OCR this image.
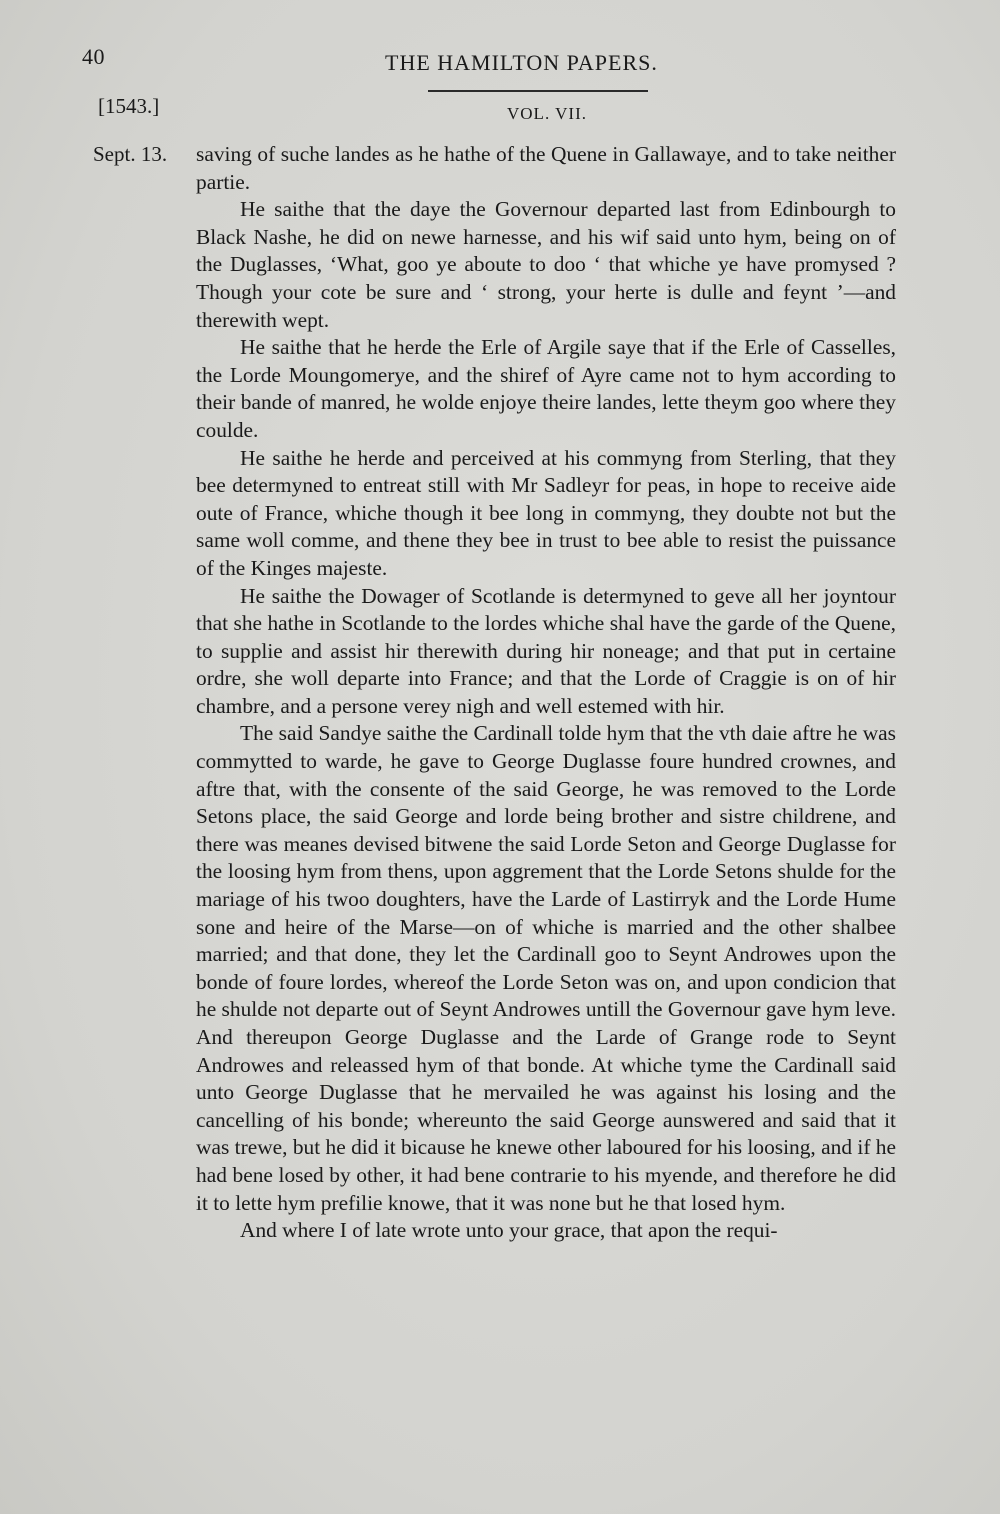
40	THE HAMILTON PAPERS.
[1543.]	VOL. VII.
Sept. 13. saving of suche landes as he hathe of the Quene in Gallawaye, and to take neither partie.

He saithe that the daye the Governour departed last from Edinbourgh to Black Nashe, he did on newe harnesse, and his wif said unto hym, being on of the Duglasses, ‘What, goo ye aboute to doo ‘ that whiche ye have promysed ? Though your cote be sure and ‘ strong, your herte is dulle and feynt ’—and therewith wept.

He saithe that he herde the Erle of Argile saye that if the Erle of Casselles, the Lorde Moungomerye, and the shiref of Ayre came not to hym according to their bande of manred, he wolde enjoye theire landes, lette theym goo where they coulde.

He saithe he herde and perceived at his commyng from Sterling, that they bee determyned to entreat still with Mr Sadleyr for peas, in hope to receive aide oute of France, whiche though it bee long in commyng, they doubte not but the same woll comme, and thene they bee in trust to bee able to resist the puissance of the Kinges majeste.

He saithe the Dowager of Scotlande is determyned to geve all her joyntour that she hathe in Scotlande to the lordes whiche shal have the garde of the Quene, to supplie and assist hir therewith during hir noneage; and that put in certaine ordre, she woll departe into France; and that the Lorde of Craggie is on of hir chambre, and a persone verey nigh and well estemed with hir.

The said Sandye saithe the Cardinall tolde hym that the vth daie aftre he was commytted to warde, he gave to George Duglasse foure hundred crownes, and aftre that, with the consente of the said George, he was removed to the Lorde Setons place, the said George and lorde being brother and sistre childrene, and there was meanes devised bitwene the said Lorde Seton and George Duglasse for the loosing hym from thens, upon aggrement that the Lorde Setons shulde for the mariage of his twoo doughters, have the Larde of Lastirryk and the Lorde Hume sone and heire of the Marse—on of whiche is married and the other shalbee married; and that done, they let the Cardinall goo to Seynt Androwes upon the bonde of foure lordes, whereof the Lorde Seton was on, and upon condicion that he shulde not departe out of Seynt Androwes untill the Governour gave hym leve. And thereupon George Duglasse and the Larde of Grange rode to Seynt Androwes and releassed hym of that bonde. At whiche tyme the Cardinall said unto George Duglasse that he mervailed he was against his losing and the cancelling of his bonde; whereunto the said George aunswered and said that it was trewe, but he did it bicause he knewe other laboured for his loosing, and if he had bene losed by other, it had bene contrarie to his myende, and therefore he did it to lette hym prefilie knowe, that it was none but he that losed hym.

And where I of late wrote unto your grace, that apon the requi-
